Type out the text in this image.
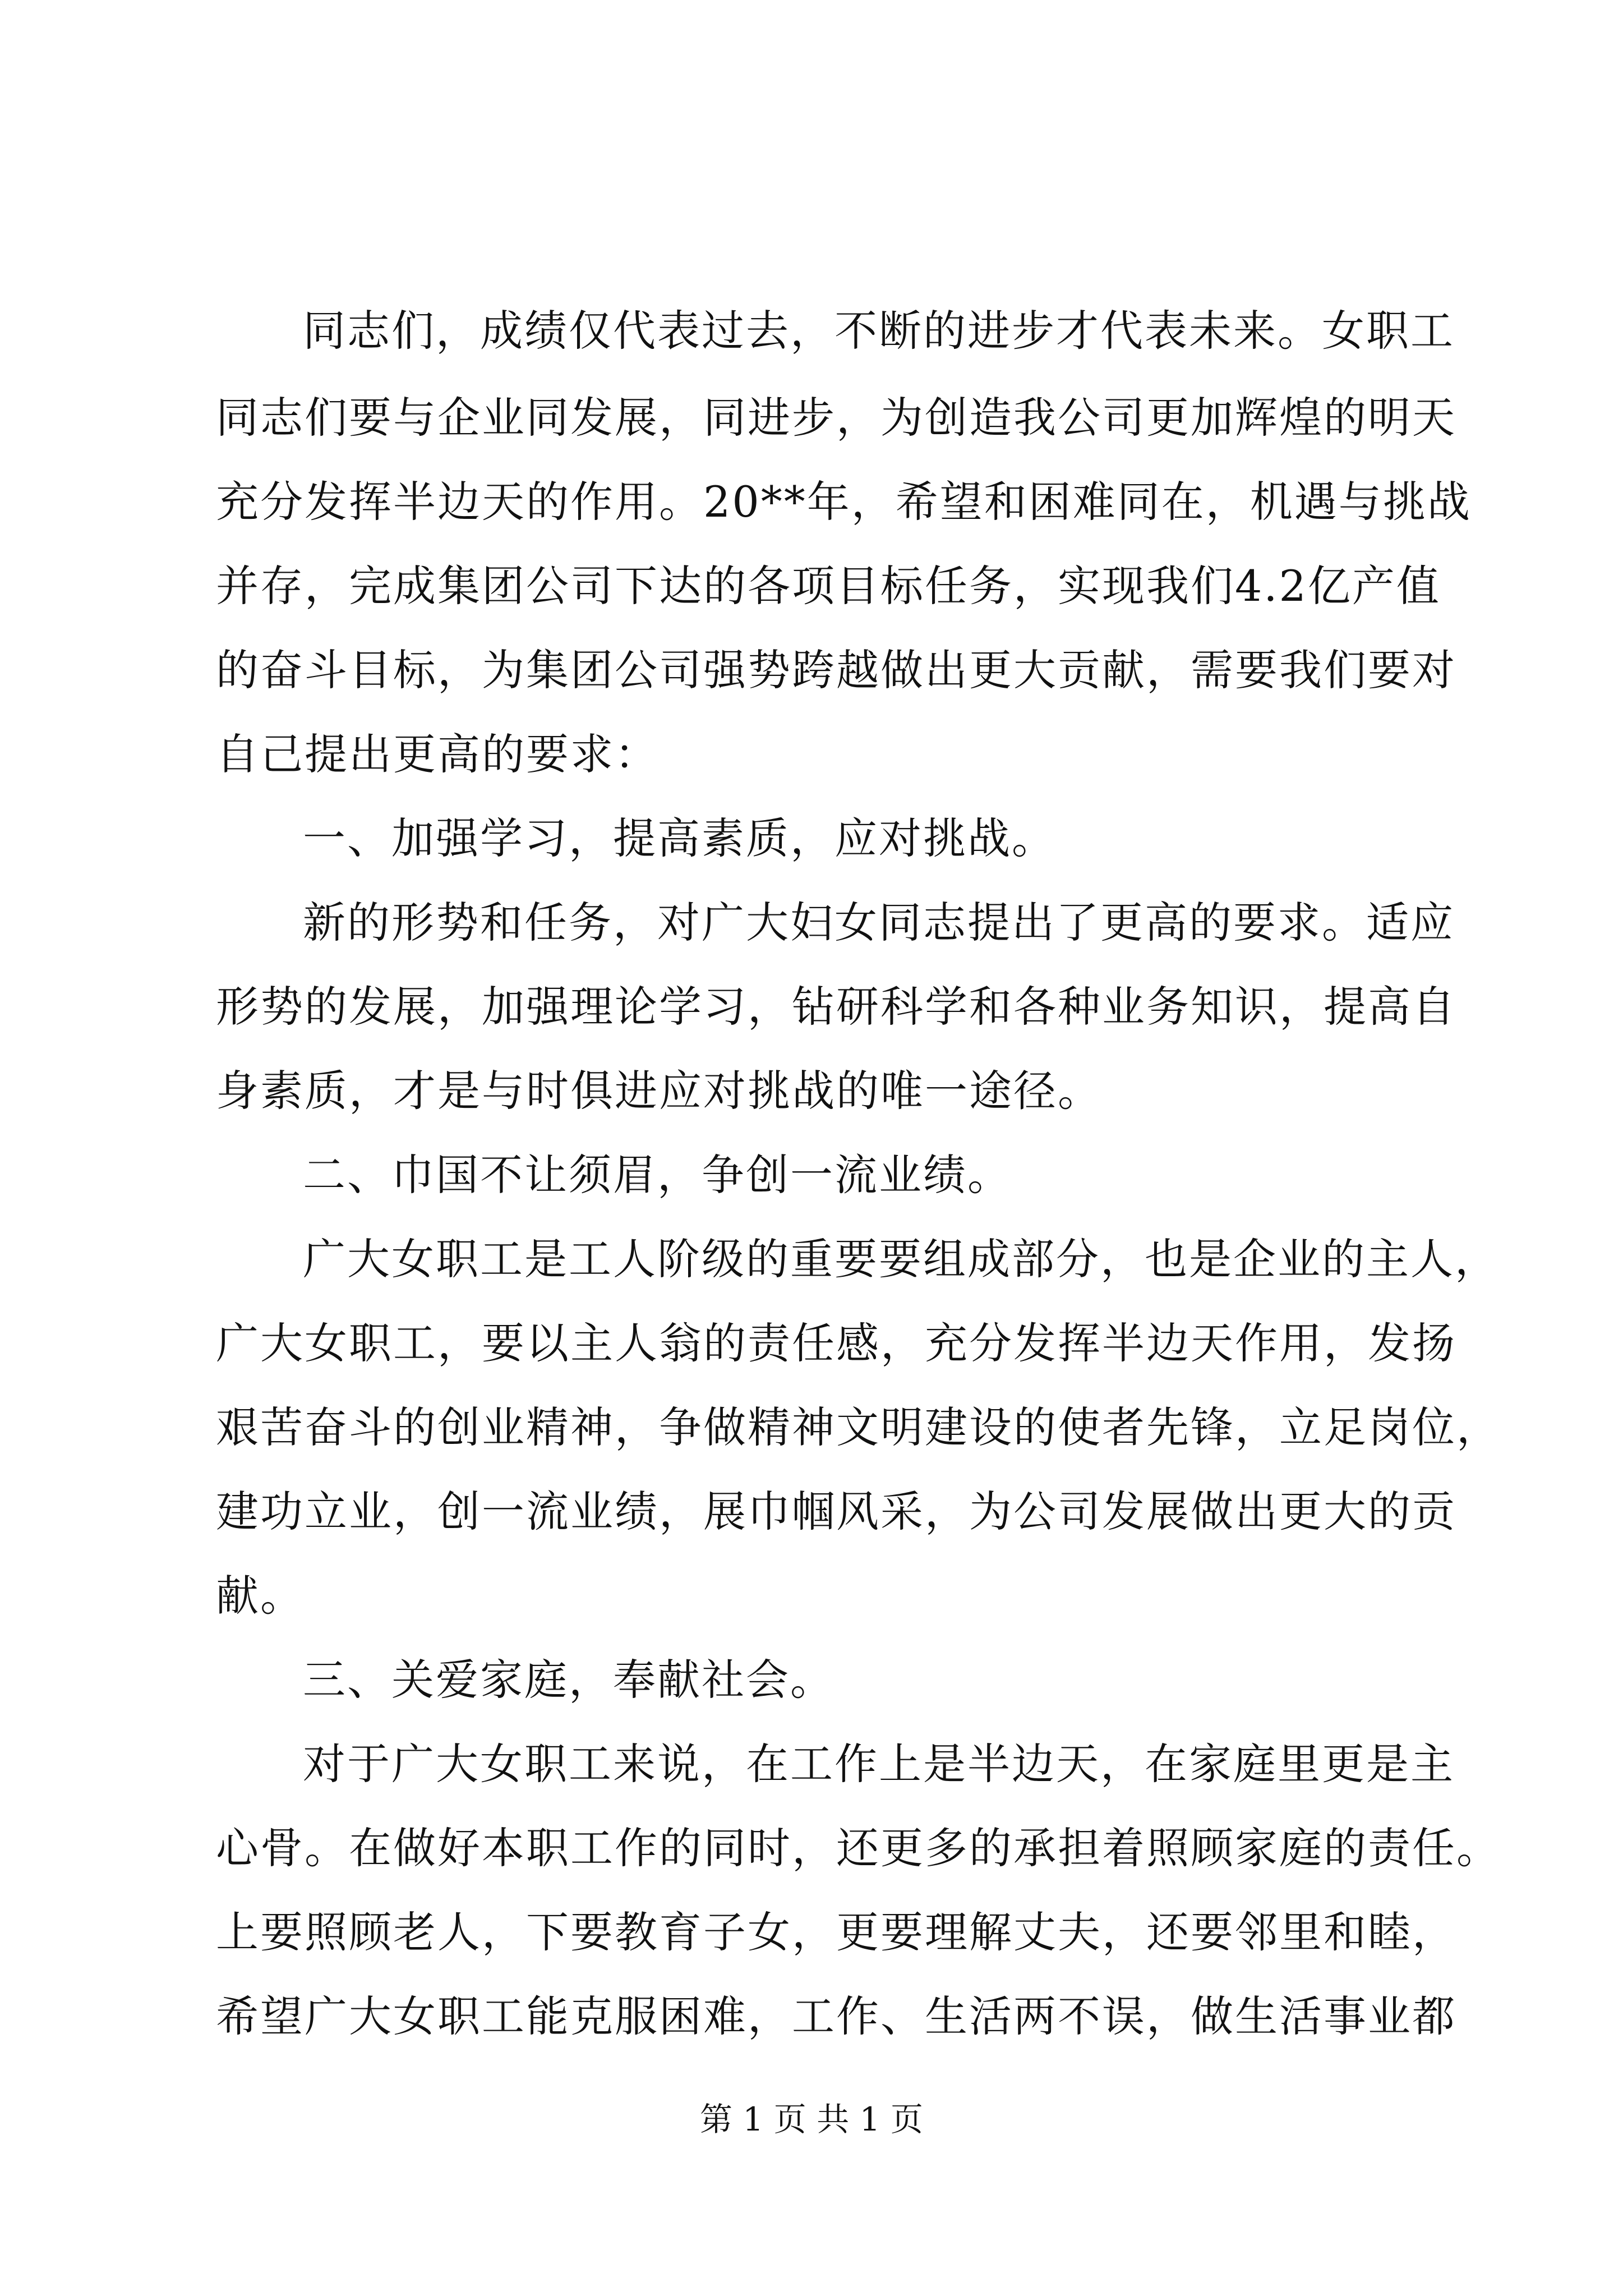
同志们，成绩仅代表过去，不断的进步才代表未来。女职工
同志们要与企业同发展，同进步，为创造我公司更加辉煌的明天
充分发挥半边天的作用。20**年，希望和困难同在，机遇与挑战
并存，完成集团公司下达的各项目标任务，实现我们4.2亿产值
的奋斗目标，为集团公司强势跨越做出更大贡献，需要我们要对
自己提出更高的要求：
一、加强学习，提高素质，应对挑战。
新的形势和任务，对广大妇女同志提出了更高的要求。适应
形势的发展，加强理论学习，钻研科学和各种业务知识，提高自
身素质，才是与时俱进应对挑战的唯一途径。
二、巾国不让须眉，争创一流业绩。
广大女职工是工人阶级的重要要组成部分，也是企业的主人，
广大女职工，要以主人翁的责任感，充分发挥半边天作用，发扬
艰苦奋斗的创业精神，争做精神文明建设的使者先锋，立足岗位，
建功立业，创一流业绩，展巾帼风采，为公司发展做出更大的贡
献。
三、关爱家庭，奉献社会。
对于广大女职工来说，在工作上是半边天，在家庭里更是主
心骨。在做好本职工作的同时，还更多的承担着照顾家庭的责任。
上要照顾老人，下要教育子女，更要理解丈夫，还要邻里和睦，
希望广大女职工能克服困难，工作、生活两不误，做生活事业都
第 1 页 共 1 页
